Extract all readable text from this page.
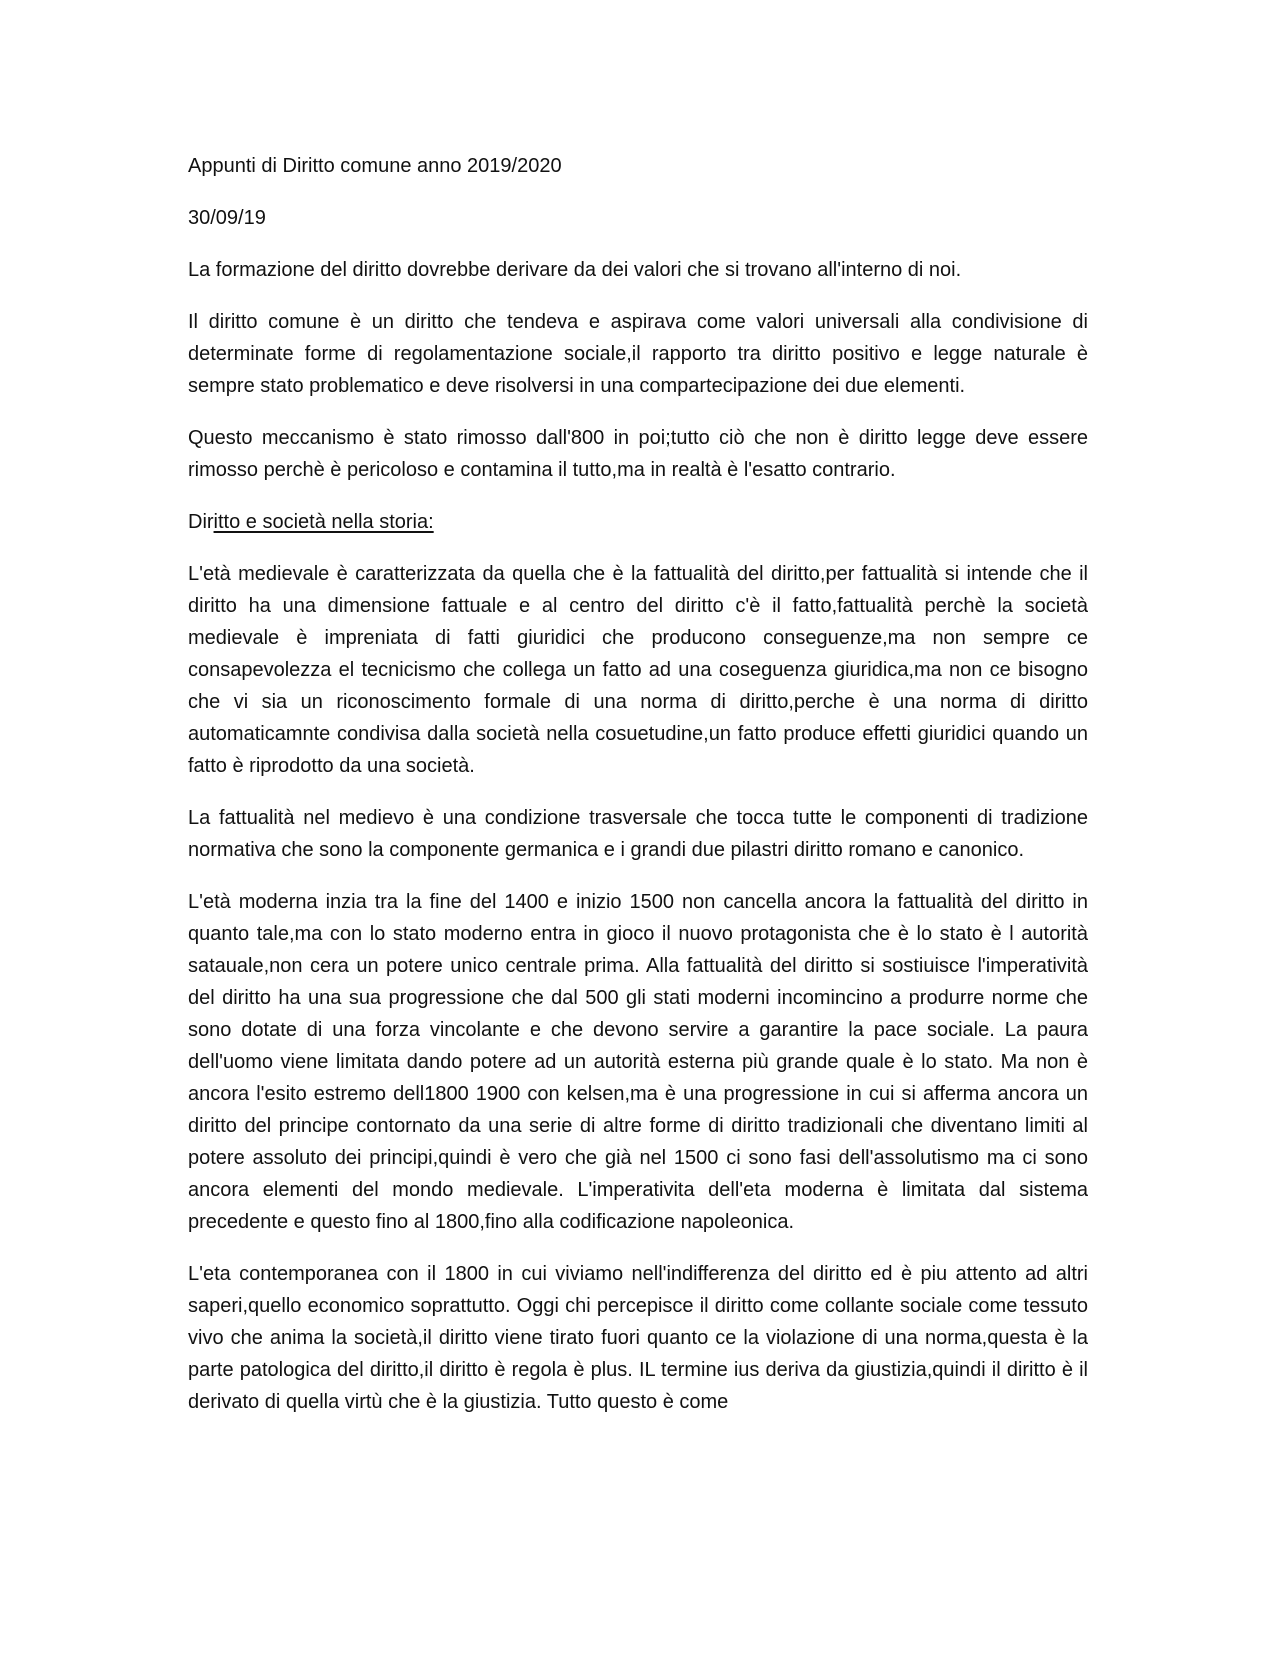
Appunti di Diritto comune anno 2019/2020

30/09/19

La formazione del diritto dovrebbe derivare da dei valori che si trovano all'interno di noi.

Il diritto comune è un diritto che tendeva e aspirava come valori universali alla condivisione di determinate forme di regolamentazione sociale,il rapporto tra diritto positivo e legge naturale è sempre stato problematico e deve risolversi in una compartecipazione dei due elementi.

Questo meccanismo è stato rimosso dall'800 in poi;tutto ciò che non è diritto legge deve essere rimosso perchè è pericoloso e contamina il tutto,ma in realtà è l'esatto contrario.

Diritto e società nella storia:

L'età medievale è caratterizzata da quella che è la fattualità del diritto,per fattualità si intende che il diritto ha una dimensione fattuale e al centro del diritto c'è il fatto,fattualità perchè la società medievale è impreniata di fatti giuridici che producono conseguenze,ma non sempre ce consapevolezza el tecnicismo che collega un fatto ad una coseguenza giuridica,ma non ce bisogno che vi sia un riconoscimento formale di una norma di diritto,perche è una norma di diritto automaticamnte condivisa dalla società nella cosuetudine,un fatto produce effetti giuridici quando un fatto è riprodotto da una società.

La fattualità nel medievo è una condizione trasversale che tocca tutte le componenti di tradizione normativa che sono la componente germanica e i grandi due pilastri diritto romano e canonico.

L'età moderna inzia tra la fine del 1400 e inizio 1500 non cancella ancora la fattualità del diritto in quanto tale,ma con lo stato moderno entra in gioco il nuovo protagonista che è lo stato è l autorità satauale,non cera un potere unico centrale prima. Alla fattualità del diritto si sostiuisce l'imperatività del diritto ha una sua progressione che dal 500 gli stati moderni incomincino a produrre norme che sono dotate di una forza vincolante e che devono servire a garantire la pace sociale. La paura dell'uomo viene limitata dando potere ad un autorità esterna più grande quale è lo stato. Ma non è ancora l'esito estremo dell1800 1900 con kelsen,ma è una progressione in cui si afferma ancora un diritto del principe contornato da una serie di altre forme di diritto tradizionali che diventano limiti al potere assoluto dei principi,quindi è vero che già nel 1500 ci sono fasi dell'assolutismo ma ci sono ancora elementi del mondo medievale. L'imperativita dell'eta moderna è limitata dal sistema precedente e questo fino al 1800,fino alla codificazione napoleonica.

L'eta contemporanea con il 1800 in cui viviamo nell'indifferenza del diritto ed è piu attento ad altri saperi,quello economico soprattutto. Oggi chi percepisce il diritto come collante sociale come tessuto vivo che anima la società,il diritto viene tirato fuori quanto ce la violazione di una norma,questa è la parte patologica del diritto,il diritto è regola è plus. IL termine ius deriva da giustizia,quindi il diritto è il derivato di quella virtù che è la giustizia. Tutto questo è come
